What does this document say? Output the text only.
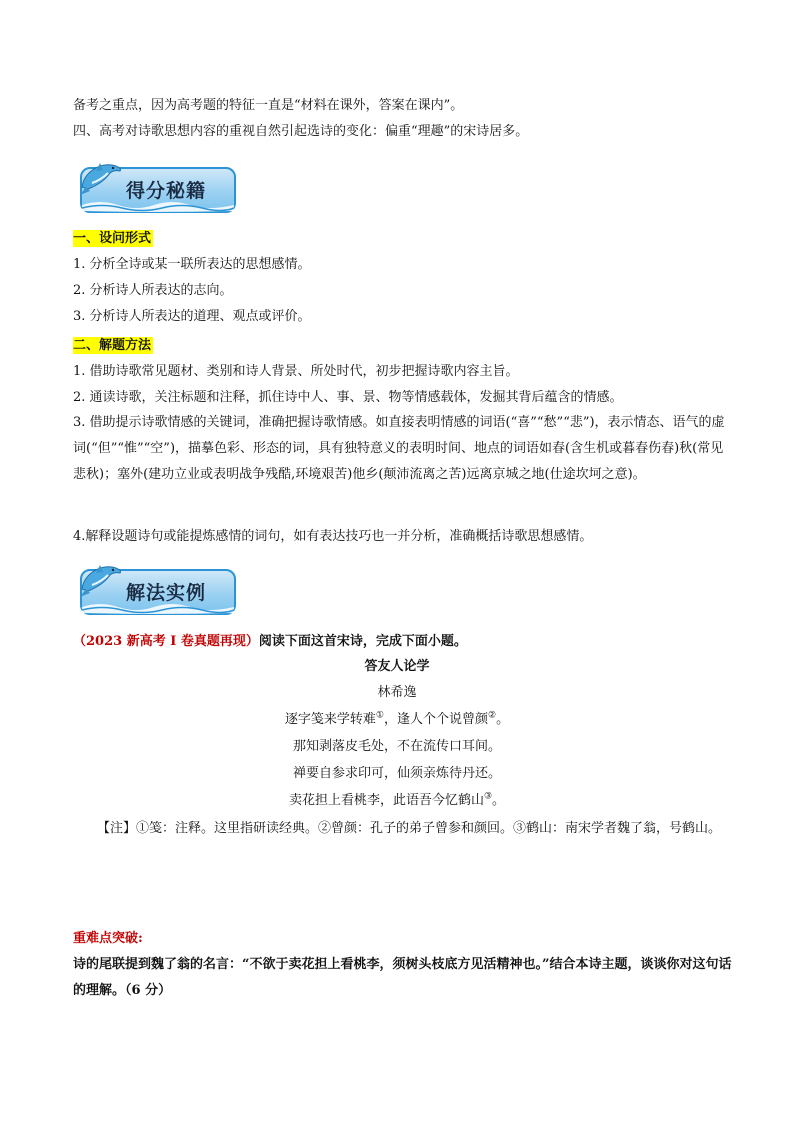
备考之重点，因为高考题的特征一直是“材料在课外，答案在课内”。
四、高考对诗歌思想内容的重视自然引起选诗的变化：偏重“理趣”的宋诗居多。
得分秘籍
一、设问形式
1. 分析全诗或某一联所表达的思想感情。
2. 分析诗人所表达的志向。
3. 分析诗人所表达的道理、观点或评价。
二、解题方法
1. 借助诗歌常见题材、类别和诗人背景、所处时代，初步把握诗歌内容主旨。
2. 通读诗歌，关注标题和注释，抓住诗中人、事、景、物等情感载体，发掘其背后蕴含的情感。
3. 借助提示诗歌情感的关键词，准确把握诗歌情感。如直接表明情感的词语(“喜”“愁”“悲”)，表示情态、语气的虚词(“但”“惟”“空”)，描摹色彩、形态的词，具有独特意义的表明时间、地点的词语如春(含生机或暮春伤春)秋(常见悲秋)；塞外(建功立业或表明战争残酷,环境艰苦)他乡(颠沛流离之苦)远离京城之地(仕途坎坷之意)。
4.解释设题诗句或能提炼感情的词句，如有表达技巧也一并分析，准确概括诗歌思想感情。
解法实例
（2023 新高考 I 卷真题再现）阅读下面这首宋诗，完成下面小题。
答友人论学
林希逸
逐字笺来学转难①，逢人个个说曾颜②。
那知剥落皮毛处，不在流传口耳间。
禅要自参求印可，仙须亲炼待丹还。
卖花担上看桃李，此语吾今忆鹤山③。
【注】①笺：注释。这里指研读经典。②曾颜：孔子的弟子曾参和颜回。③鹤山：南宋学者魏了翁，号鹤山。
重难点突破:
诗的尾联提到魏了翁的名言：“不欲于卖花担上看桃李，须树头枝底方见活精神也。”结合本诗主题，谈谈你对这句话的理解。（6 分）
